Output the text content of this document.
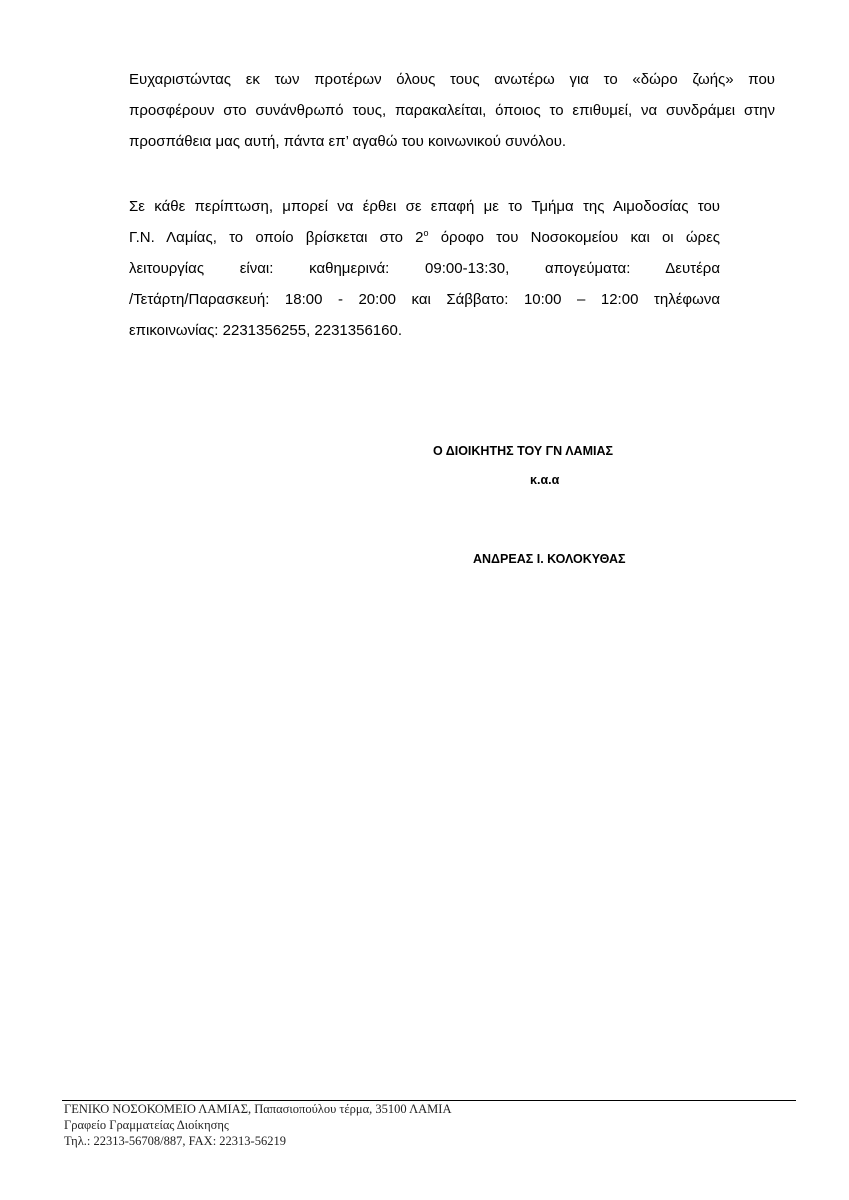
Ευχαριστώντας εκ των προτέρων όλους τους ανωτέρω για το «δώρο ζωής» που
προσφέρουν στο συνάνθρωπό τους, παρακαλείται, όποιος το επιθυμεί, να συνδράμει στην
προσπάθεια μας αυτή, πάντα επ’ αγαθώ του κοινωνικού συνόλου.
Σε κάθε περίπτωση, μπορεί να έρθει σε επαφή με το Τμήμα της Αιμοδοσίας του
Γ.Ν. Λαμίας, το οποίο βρίσκεται στο $2^o$ όροφο του Νοσοκομείου και οι ώρες
λειτουργίας είναι: καθημερινά: 09:00-13:30, απογεύματα: Δευτέρα
/Τετάρτη/Παρασκευή: 18:00 - 20:00 και Σάββατο: 10:00 – 12:00 τηλέφωνα
επικοινωνίας: 2231356255, 2231356160.
Ο ΔΙΟΙΚΗΤΗΣ ΤΟΥ ΓΝ ΛΑΜΙΑΣ
κ.α.α
ΑΝΔΡΕΑΣ Ι. ΚΟΛΟΚΥΘΑΣ
ΓΕΝΙΚΟ ΝΟΣΟΚΟΜΕΙΟ ΛΑΜΙΑΣ, Παπασιοπούλου τέρμα, 35100 ΛΑΜΙΑ
Γραφείο Γραμματείας Διοίκησης
Τηλ.: 22313-56708/887, FAX: 22313-56219
